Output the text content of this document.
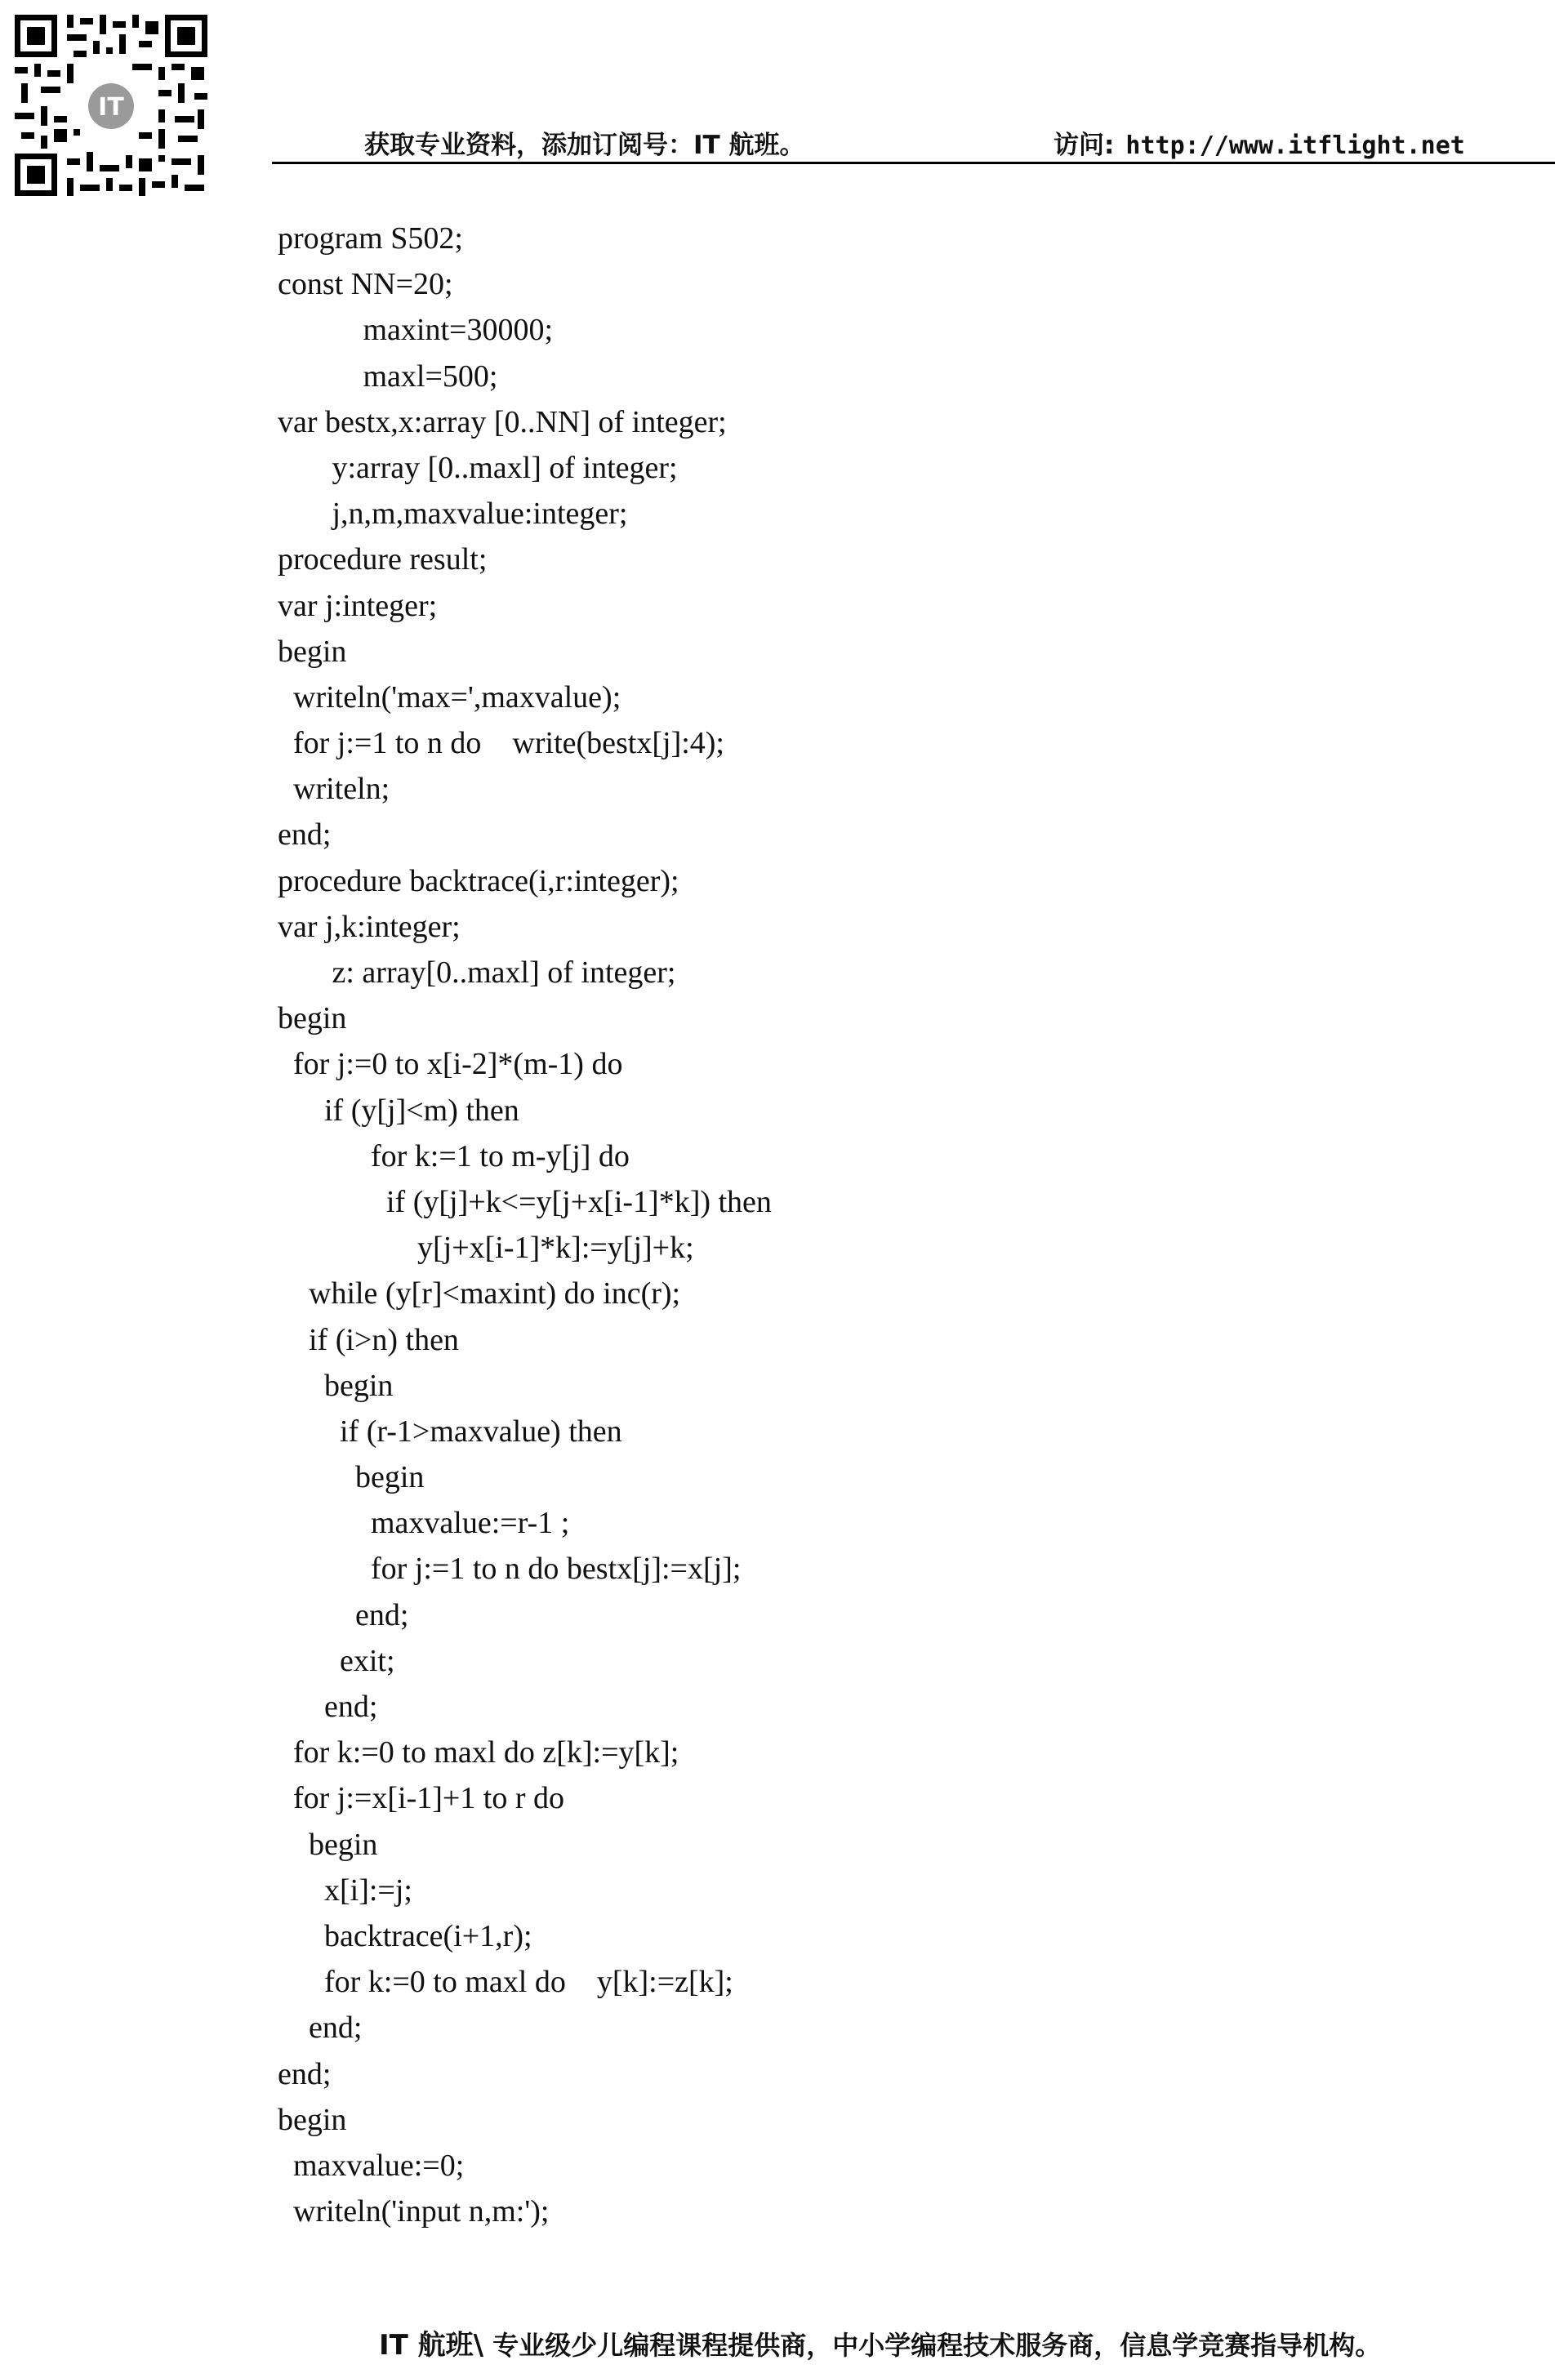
IT
获取专业资料，添加订阅号：IT 航班。	访问: http://www.itflight.net
program S502;
const NN=20;
maxint=30000;
maxl=500;
var bestx,x:array [0..NN] of integer;
y:array [0..maxl] of integer;
j,n,m,maxvalue:integer;
procedure result;
var j:integer;
begin
writeln('max=',maxvalue);
for j:=1 to n do    write(bestx[j]:4);
writeln;
end;
procedure backtrace(i,r:integer);
var j,k:integer;
z: array[0..maxl] of integer;
begin
for j:=0 to x[i-2]*(m-1) do
if (y[j]<m) then
for k:=1 to m-y[j] do
if (y[j]+k<=y[j+x[i-1]*k]) then
y[j+x[i-1]*k]:=y[j]+k;
while (y[r]<maxint) do inc(r);
if (i>n) then
begin
if (r-1>maxvalue) then
begin
maxvalue:=r-1 ;
for j:=1 to n do bestx[j]:=x[j];
end;
exit;
end;
for k:=0 to maxl do z[k]:=y[k];
for j:=x[i-1]+1 to r do
begin
x[i]:=j;
backtrace(i+1,r);
for k:=0 to maxl do    y[k]:=z[k];
end;
end;
begin
maxvalue:=0;
writeln('input n,m:');
IT 航班\ 专业级少儿编程课程提供商，中小学编程技术服务商，信息学竞赛指导机构。
